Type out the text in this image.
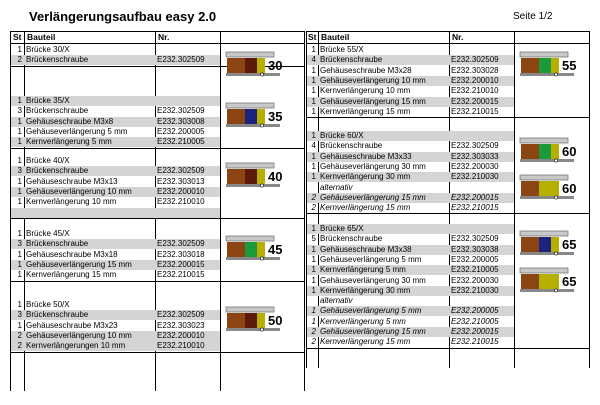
Verlängerungsaufbau easy 2.0	Seite 1/2
St Bauteil	Nr.
1 Brücke 30/X
2 Brückenschraube	E232.302509	30
1 Brücke 35/X
3 Brückenschraube	E232.302509
1 Gehäuseschraube M3x8	E232.303008
1 Gehäuseverlängerung 5 mm	E232.200005
1 Kernverlängerung 5 mm	E232.210005
35
1 Brücke 40/X
3 Brückenschraube	E232.302509
1 Gehäuseschraube M3x13	E232.303013
1 Gehäuseverlängerung 10 mm	E232.200010
1 Kernverlängerung 10 mm	E232.210010
40
1 Brücke 45/X
3 Brückenschraube	E232.302509
1 Gehäuseschraube M3x18	E232.303018
1 Gehäuseverlängerung 15 mm	E232.200015
1 Kernverlängerung 15 mm	E232.210015
45
1 Brücke 50/X
3 Brückenschraube	E232.302509
1 Gehäuseschraube M3x23	E232.303023
2 Gehäuseverlängerung 10 mm	E232.200010
2 Kernverlängerungen 10 mm	E232.210010
50
St Bauteil	Nr.
1 Brücke 55/X
4 Brückenschraube	E232.302509
1 Gehäuseschraube M3x28	E232.303028
1 Gehäuseverlängerung 10 mm	E232.200010
1 Kernverlängerung 10 mm	E232.210010
1 Gehäuseverlängerung 15 mm	E232.200015
1 Kernverlängerung 15 mm	E232.210015
55
1 Brücke 60/X
4 Brückenschraube	E232.302509
1 Gehäuseschraube M3x33	E232.303033
1 Gehäuseverlängerung 30 mm	E232.200030
1 Kernverlängerung 30 mm	E232.210030
alternativ
2 Gehäuseverlängerung 15 mm	E232.200015
2 Kernverlängerung 15 mm	E232.210015
60
60
1 Brücke 65/X
5 Brückenschraube	E232.302509
1 Gehäuseschraube M3x38	E232.303038
1 Gehäuseverlängerung 5 mm	E232.200005
1 Kernverlängerung 5 mm	E232.210005
1 Gehäuseverlängerung 30 mm	E232.200030
1 Kernverlängerung 30 mm	E232.210030
alternativ
1 Gehäuseverlängerung 5 mm	E232.200005
1 Kernverlängerung 5 mm	E232.210005
2 Gehäuseverlängerung 15 mm	E232.200015
2 Kernverlängerung 15 mm	E232.210015
65
65
